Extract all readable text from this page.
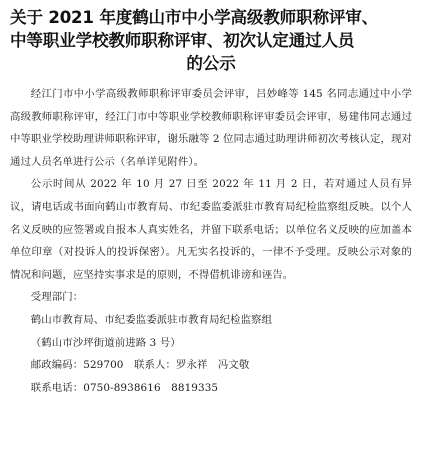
关于 2021 年度鹤山市中小学高级教师职称评审、
中等职业学校教师职称评审、初次认定通过人员
的公示

经江门市中小学高级教师职称评审委员会评审，吕妙峰等 145 名同志通过中小学高级教师职称评审，经江门市中等职业学校教师职称评审委员会评审，易建伟同志通过中等职业学校助理讲师职称评审，谢乐融等 2 位同志通过助理讲师初次考核认定，现对通过人员名单进行公示（名单详见附件）。

公示时间从 2022 年 10 月 27 日至 2022 年 11 月 2 日，若对通过人员有异议，请电话或书面向鹤山市教育局、市纪委监委派驻市教育局纪检监察组反映。以个人名义反映的应签署或自报本人真实姓名，并留下联系电话；以单位名义反映的应加盖本单位印章（对投诉人的投诉保密）。凡无实名投诉的，一律不予受理。反映公示对象的情况和问题，应坚持实事求是的原则，不得借机诽谤和诬告。

受理部门：

鹤山市教育局、市纪委监委派驻市教育局纪检监察组

（鹤山市沙坪街道前进路 3 号）

邮政编码：529700　联系人：罗永祥　冯文敬

联系电话：0750-8938616　8819335
